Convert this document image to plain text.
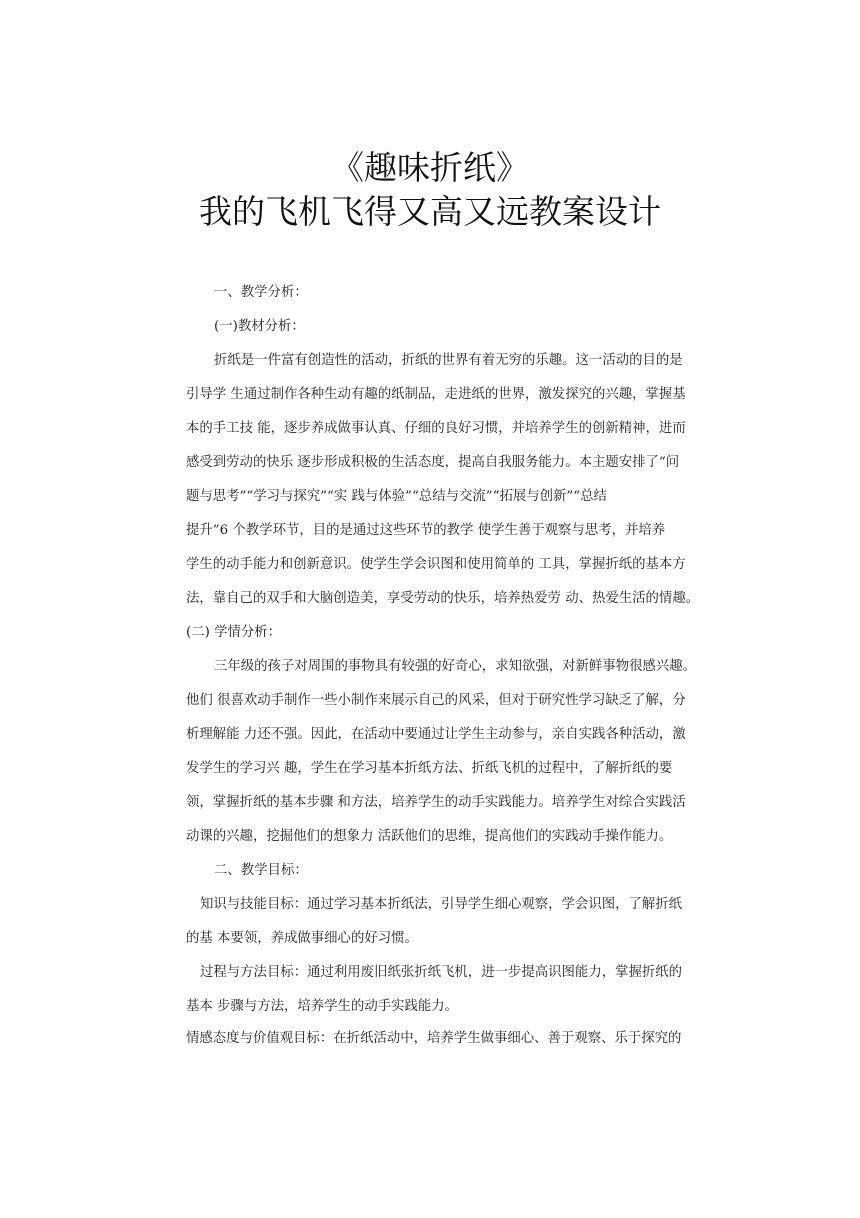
《趣味折纸》
我的飞机飞得又高又远教案设计
一、教学分析：
(一)教材分析：
折纸是一件富有创造性的活动，折纸的世界有着无穷的乐趣。这一活动的目的是
引导学 生通过制作各种生动有趣的纸制品，走进纸的世界，激发探究的兴趣，掌握基
本的手工技 能，逐步养成做事认真、仔细的良好习惯，并培养学生的创新精神，进而
感受到劳动的快乐 逐步形成积极的生活态度，提高自我服务能力。本主题安排了“问
题与思考”“学习与探究”“实 践与体验”“总结与交流”“拓展与创新”“总结
提升”6 个教学环节，目的是通过这些环节的教学 使学生善于观察与思考，并培养
学生的动手能力和创新意识。使学生学会识图和使用简单的 工具，掌握折纸的基本方
法，靠自己的双手和大脑创造美，享受劳动的快乐，培养热爱劳 动、热爱生活的情趣。
(二) 学情分析：
三年级的孩子对周围的事物具有较强的好奇心，求知欲强，对新鲜事物很感兴趣。
他们 很喜欢动手制作一些小制作来展示自己的风采，但对于研究性学习缺乏了解，分
析理解能 力还不强。因此，在活动中要通过让学生主动参与，亲自实践各种活动，激
发学生的学习兴 趣，学生在学习基本折纸方法、折纸飞机的过程中，了解折纸的要
领，掌握折纸的基本步骤 和方法，培养学生的动手实践能力。培养学生对综合实践活
动课的兴趣，挖掘他们的想象力 活跃他们的思维，提高他们的实践动手操作能力。
二、教学目标：
知识与技能目标：通过学习基本折纸法，引导学生细心观察，学会识图，了解折纸
的基 本要领，养成做事细心的好习惯。
过程与方法目标：通过利用废旧纸张折纸飞机，进一步提高识图能力，掌握折纸的
基本 步骤与方法，培养学生的动手实践能力。
情感态度与价值观目标：在折纸活动中，培养学生做事细心、善于观察、乐于探究的
